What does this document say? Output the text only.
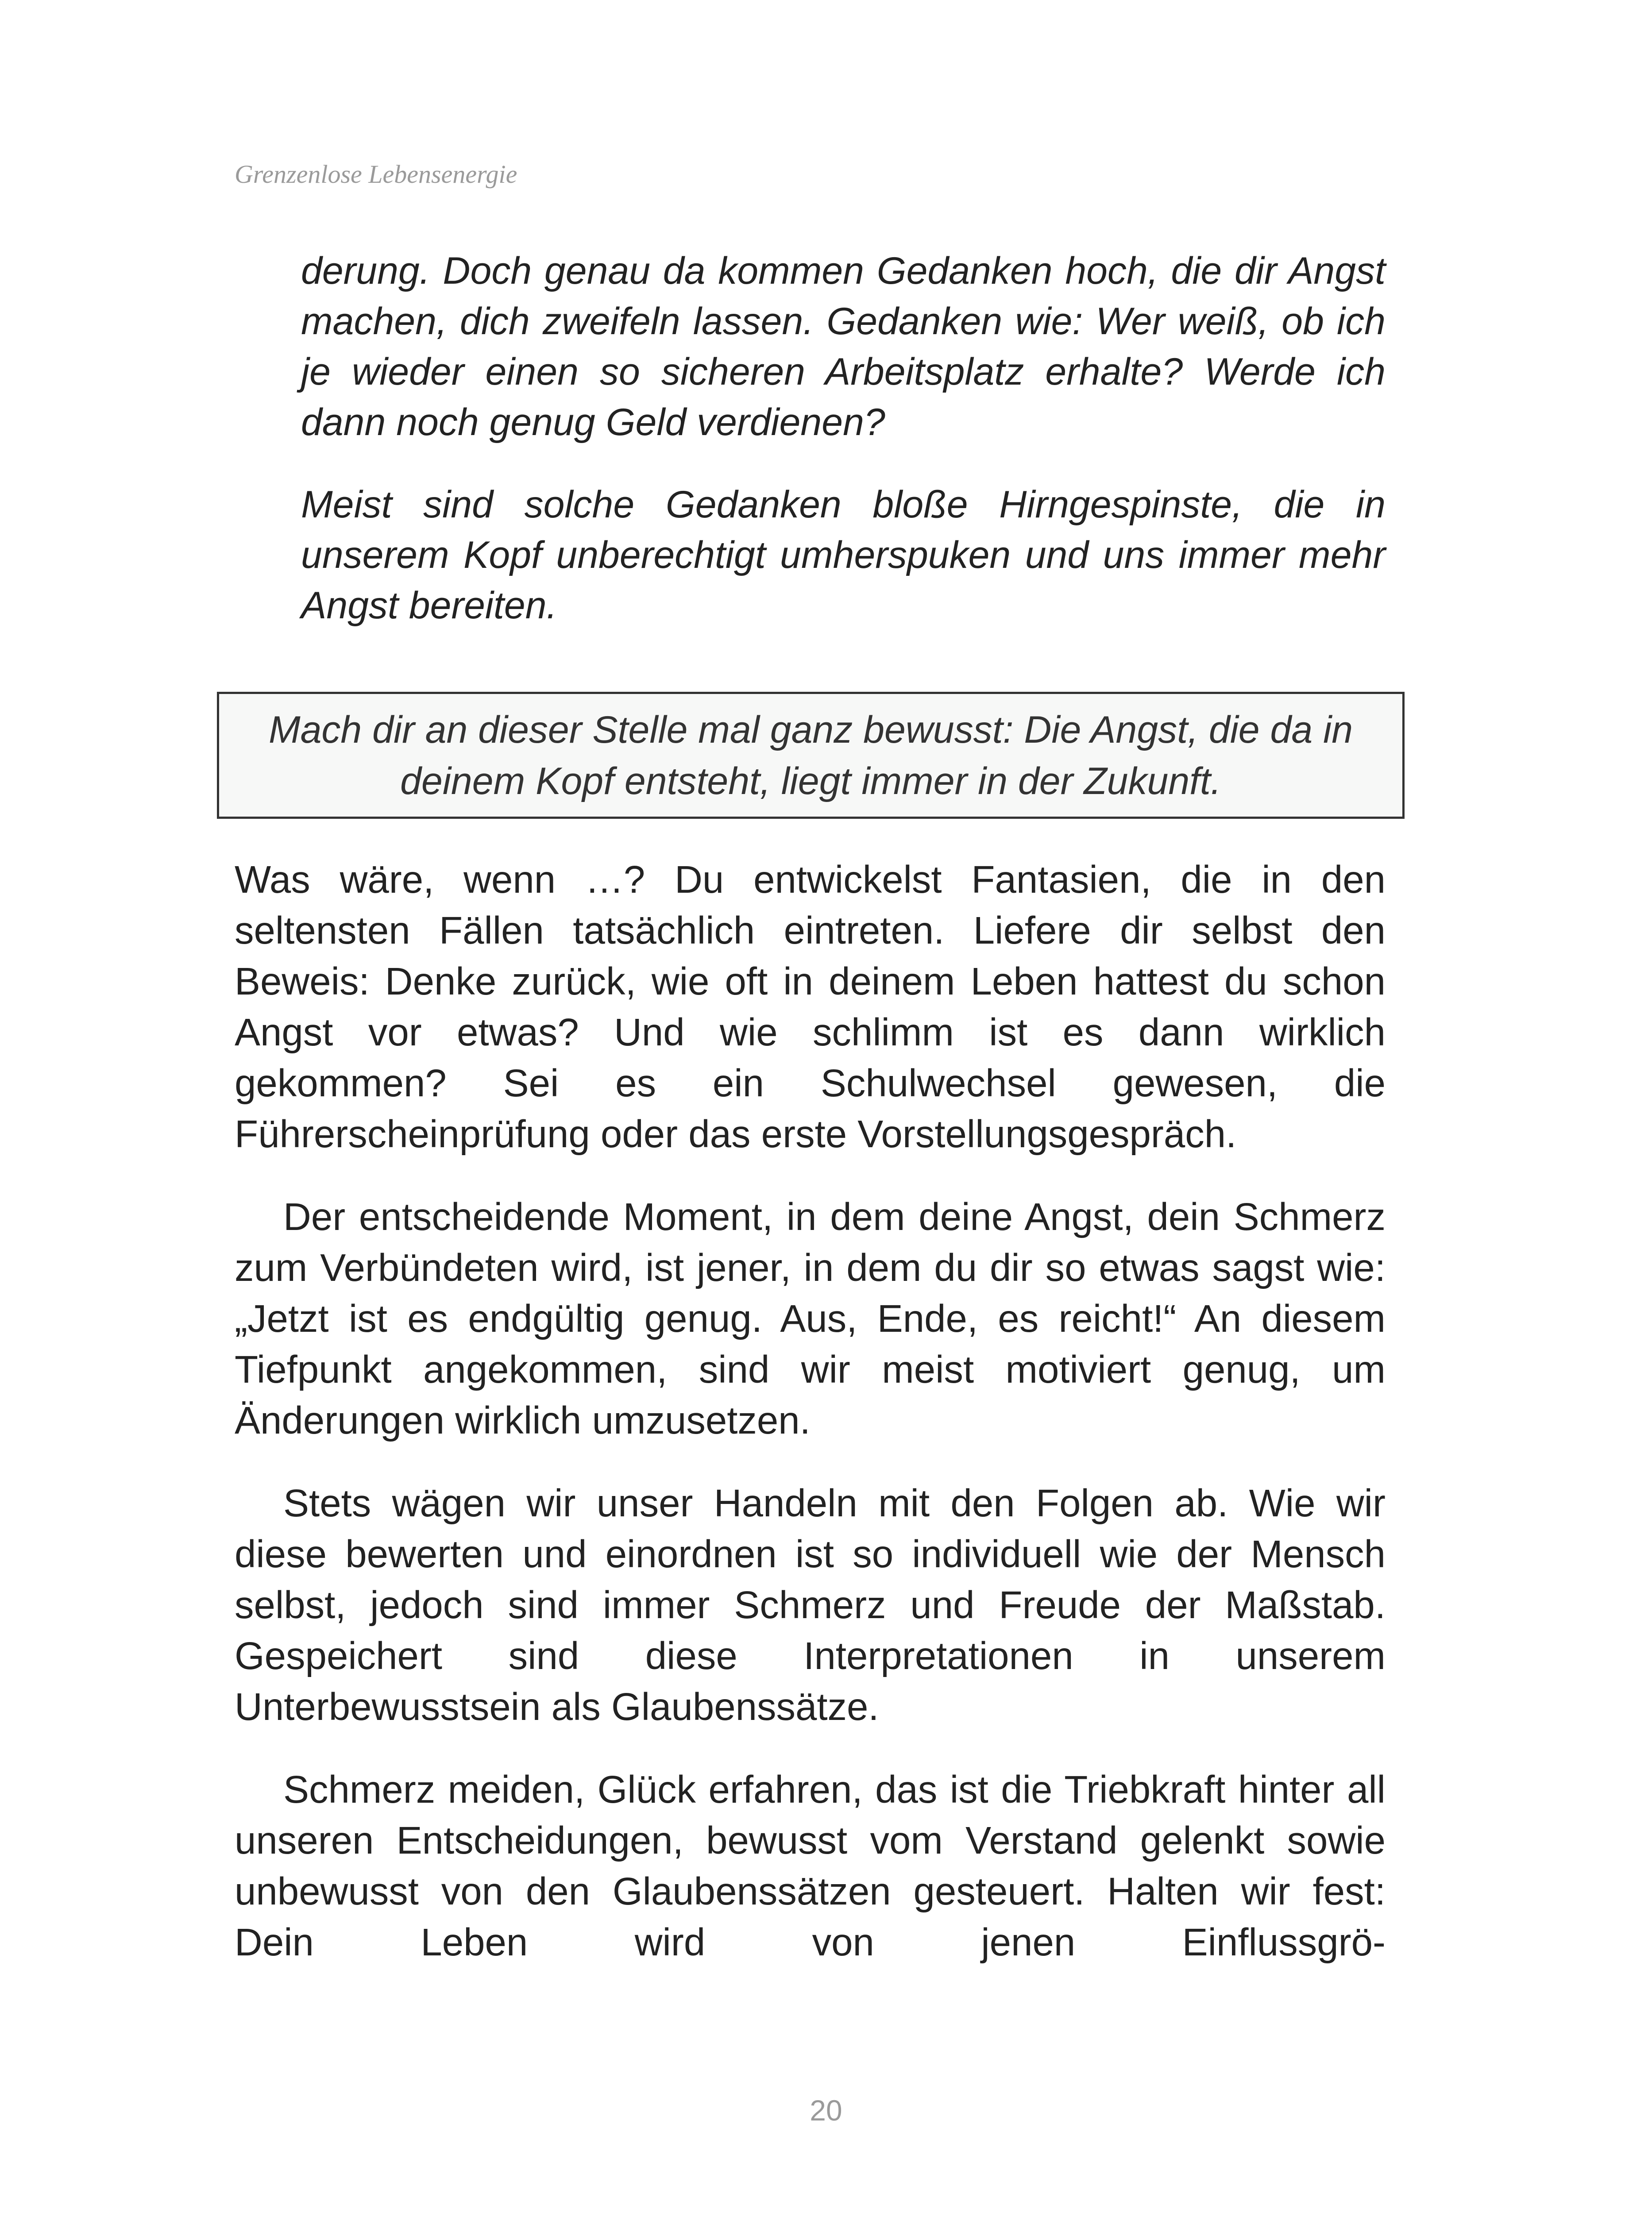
Grenzenlose Lebensenergie

derung. Doch genau da kommen Gedanken hoch, die dir Angst machen, dich zweifeln lassen. Gedanken wie: Wer weiß, ob ich je wieder einen so sicheren Arbeitsplatz erhalte? Werde ich dann noch genug Geld verdienen?

Meist sind solche Gedanken bloße Hirngespinste, die in unserem Kopf unberechtigt umherspuken und uns immer mehr Angst bereiten.

Mach dir an dieser Stelle mal ganz bewusst: Die Angst, die da in deinem Kopf entsteht, liegt immer in der Zukunft.

Was wäre, wenn …? Du entwickelst Fantasien, die in den seltensten Fällen tatsächlich eintreten. Liefere dir selbst den Beweis: Denke zurück, wie oft in deinem Leben hattest du schon Angst vor etwas? Und wie schlimm ist es dann wirklich gekommen? Sei es ein Schulwechsel gewesen, die Führerscheinprüfung oder das erste Vorstellungsgespräch.

Der entscheidende Moment, in dem deine Angst, dein Schmerz zum Verbündeten wird, ist jener, in dem du dir so etwas sagst wie: „Jetzt ist es endgültig genug. Aus, Ende, es reicht!“ An diesem Tiefpunkt angekommen, sind wir meist motiviert genug, um Änderungen wirklich umzusetzen.

Stets wägen wir unser Handeln mit den Folgen ab. Wie wir diese bewerten und einordnen ist so individuell wie der Mensch selbst, jedoch sind immer Schmerz und Freude der Maßstab. Gespeichert sind diese Interpretationen in unserem Unterbewusstsein als Glaubenssätze.

Schmerz meiden, Glück erfahren, das ist die Triebkraft hinter all unseren Entscheidungen, bewusst vom Verstand gelenkt sowie unbewusst von den Glaubenssätzen gesteuert. Halten wir fest: Dein Leben wird von jenen Einflussgrö-

20
